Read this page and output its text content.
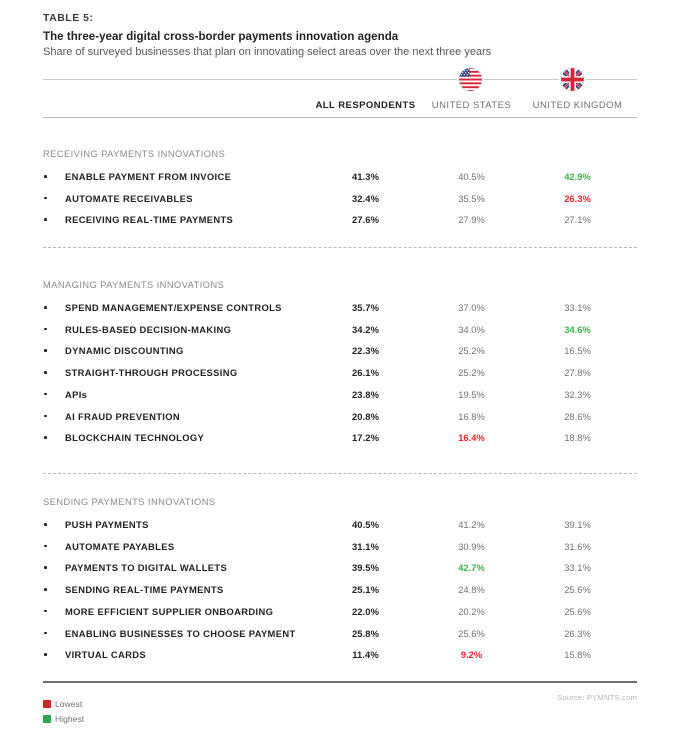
TABLE 5:
The three-year digital cross-border payments innovation agenda
Share of surveyed businesses that plan on innovating select areas over the next three years
ALL RESPONDENTS	UNITED STATES	UNITED KINGDOM
RECEIVING PAYMENTS INNOVATIONS
ENABLE PAYMENT FROM INVOICE	41.3%	40.5%	42.9%
AUTOMATE RECEIVABLES	32.4%	35.5%	26.3%
RECEIVING REAL-TIME PAYMENTS	27.6%	27.9%	27.1%
MANAGING PAYMENTS INNOVATIONS
SPEND MANAGEMENT/EXPENSE CONTROLS	35.7%	37.0%	33.1%
RULES-BASED DECISION-MAKING	34.2%	34.0%	34.6%
DYNAMIC DISCOUNTING	22.3%	25.2%	16.5%
STRAIGHT-THROUGH PROCESSING	26.1%	25.2%	27.8%
APIs	23.8%	19.5%	32.3%
AI FRAUD PREVENTION	20.8%	16.8%	28.6%
BLOCKCHAIN TECHNOLOGY	17.2%	16.4%	18.8%
SENDING PAYMENTS INNOVATIONS
PUSH PAYMENTS	40.5%	41.2%	39.1%
AUTOMATE PAYABLES	31.1%	30.9%	31.6%
PAYMENTS TO DIGITAL WALLETS	39.5%	42.7%	33.1%
SENDING REAL-TIME PAYMENTS	25.1%	24.8%	25.6%
MORE EFFICIENT SUPPLIER ONBOARDING	22.0%	20.2%	25.6%
ENABLING BUSINESSES TO CHOOSE PAYMENT	25.8%	25.6%	26.3%
VIRTUAL CARDS	11.4%	9.2%	15.8%
Lowest
Highest
Source: PYMNTS.com
